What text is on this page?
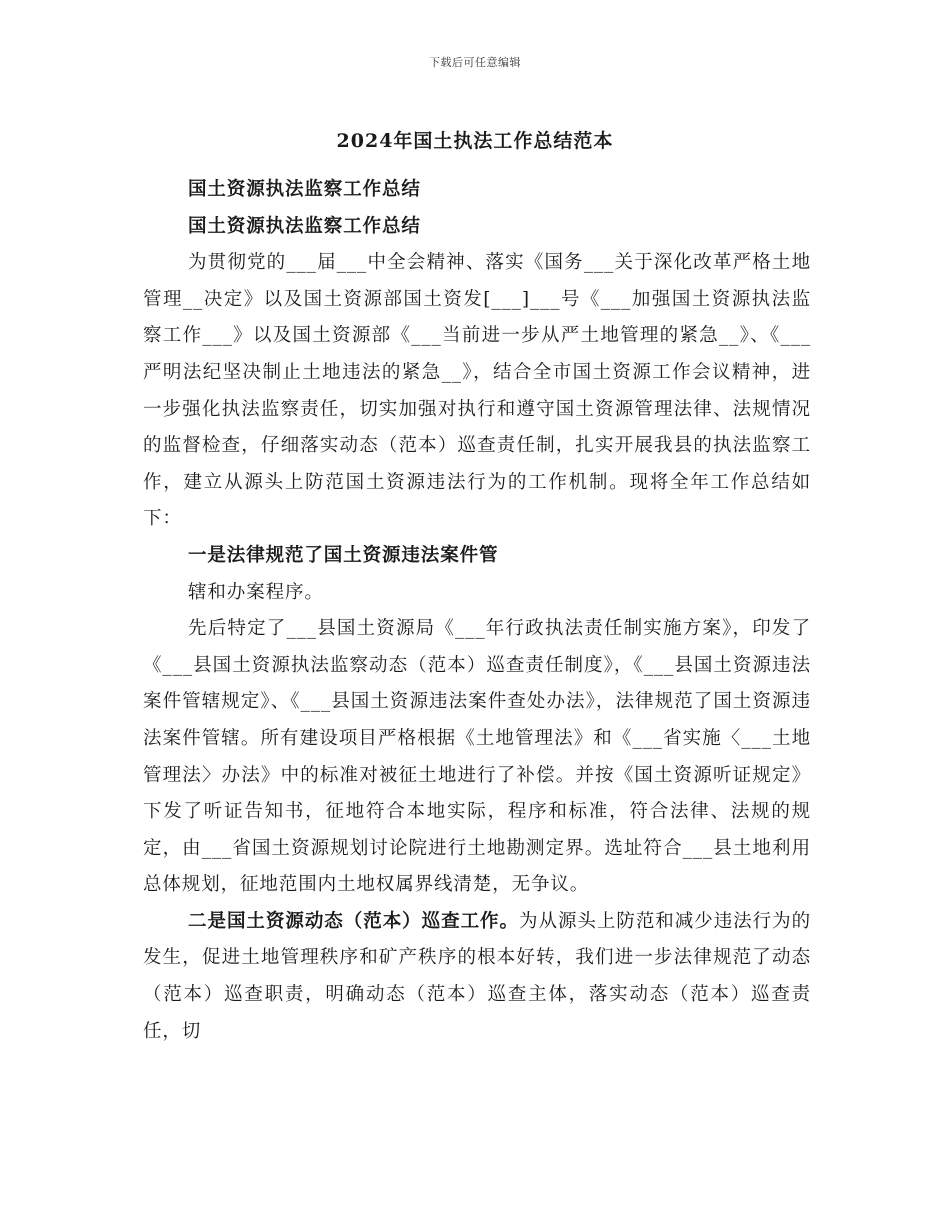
下载后可任意编辑
2024年国土执法工作总结范本

国土资源执法监察工作总结

国土资源执法监察工作总结

为贯彻党的___届___中全会精神、落实《国务___关于深化改革严格土地管理__决定》以及国土资源部国土资发[___]___号《___加强国土资源执法监察工作___》以及国土资源部《___当前进一步从严土地管理的紧急__》、《___严明法纪坚决制止土地违法的紧急__》，结合全市国土资源工作会议精神，进一步强化执法监察责任，切实加强对执行和遵守国土资源管理法律、法规情况的监督检查，仔细落实动态（范本）巡查责任制，扎实开展我县的执法监察工作，建立从源头上防范国土资源违法行为的工作机制。现将全年工作总结如下：

一是法律规范了国土资源违法案件管

辖和办案程序。

先后特定了___县国土资源局《___年行政执法责任制实施方案》，印发了《___县国土资源执法监察动态（范本）巡查责任制度》，《___县国土资源违法案件管辖规定》、《___县国土资源违法案件查处办法》，法律规范了国土资源违法案件管辖。所有建设项目严格根据《土地管理法》和《___省实施〈___土地管理法〉办法》中的标准对被征土地进行了补偿。并按《国土资源听证规定》下发了听证告知书，征地符合本地实际，程序和标准，符合法律、法规的规定，由___省国土资源规划讨论院进行土地勘测定界。选址符合___县土地利用总体规划，征地范围内土地权属界线清楚，无争议。

二是国土资源动态（范本）巡查工作。为从源头上防范和减少违法行为的发生，促进土地管理秩序和矿产秩序的根本好转，我们进一步法律规范了动态（范本）巡查职责，明确动态（范本）巡查主体，落实动态（范本）巡查责任，切
